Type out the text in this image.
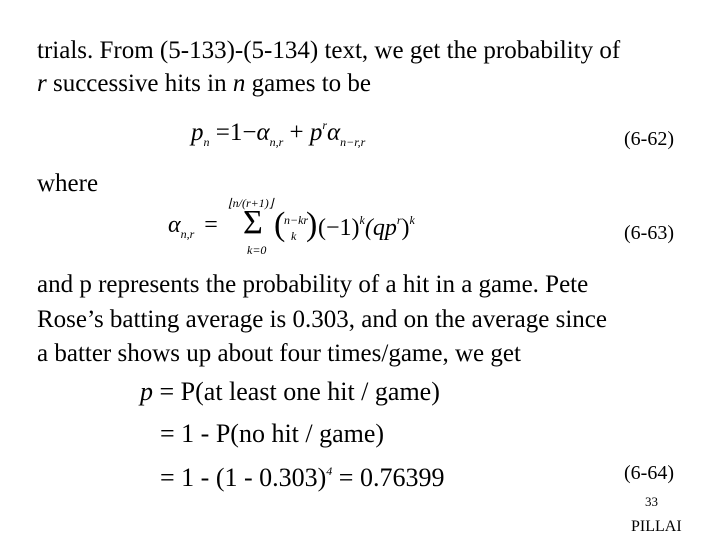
trials. From (5-133)-(5-134) text, we get the probability of
r successive hits in n games to be
$p_n =1-\alpha_{n,r} + p^r\alpha_{n-r,r}$	(6-62)
where
$\alpha_{n,r}$ =
⌊n/(r+1)⌋
Σ
k=0
(
n−kr
k ) $(-1)^k(qp^r)^k$
(6-63)
and p represents the probability of a hit in a game. Pete
Rose’s batting average is 0.303, and on the average since
a batter shows up about four times/game, we get
p = P(at least one hit / game)
= 1 - P(no hit / game)
= 1 - (1 - 0.303)$^4$ = 0.76399	(6-64)
33
PILLAI
